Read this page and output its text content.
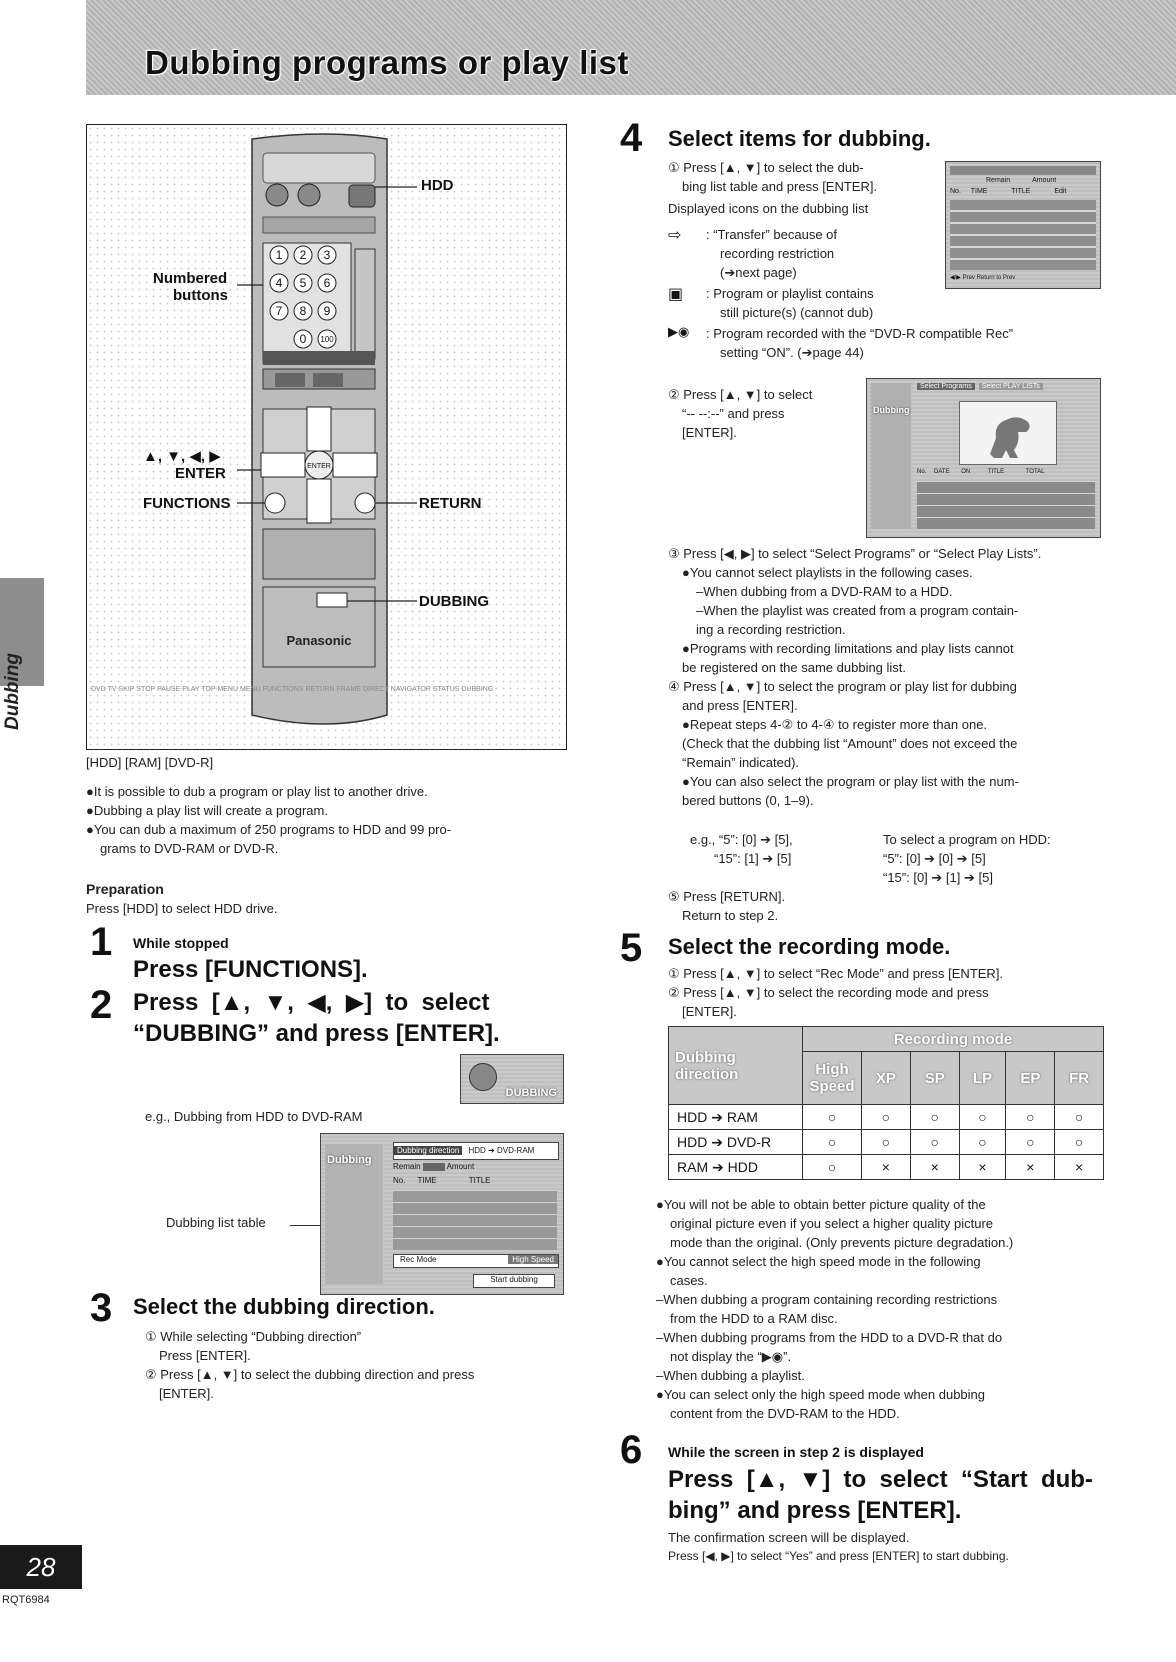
Dubbing programs or play list
Dubbing
28
RQT6984
1 2 3
4 5 6
7 8 9
0 100
ENTER
Panasonic
HDD
Numbered
buttons
▲, ▼, ◀, ▶
ENTER
FUNCTIONS	RETURN
DUBBING
DVD TV SKIP STOP PAUSE PLAY TOP MENU MENU FUNCTIONS RETURN FRAME DIRECT NAVIGATOR STATUS DUBBING
[HDD] [RAM] [DVD-R]

●It is possible to dub a program or play list to another drive.

●Dubbing a play list will create a program.

●You can dub a maximum of 250 programs to HDD and 99 pro-

grams to DVD-RAM or DVD-R.

Preparation
Press [HDD] to select HDD drive.
1 While stopped
Press [FUNCTIONS].
2 Press  [▲,  ▼,  ◀,  ▶]  to  select
“DUBBING” and press [ENTER].
DUBBING
e.g., Dubbing from HDD to DVD-RAM
Dubbing list table
Dubbing
Dubbing direction HDD ➔ DVD-RAM
Remain	Amount
No. TIME	TITLE
Rec Mode	High Speed
Start dubbing
3 Select the dubbing direction.

① While selecting “Dubbing direction”

Press [ENTER].

② Press [▲, ▼] to select the dubbing direction and press

[ENTER].

4 Select items for dubbing.

① Press [▲, ▼] to select the dub-

bing list table and press [ENTER].

Displayed icons on the dubbing list
⇨	: “Transfer” because of

recording restriction

(➔next page)

▣	: Program or playlist contains

still picture(s) (cannot dub)

▶◉	: Program recorded with the “DVD-R compatible Rec”

setting “ON”. (➔page 44)

Remain	Amount
No. TIME	TITLE	Edit
◀/▶ Prev Return to Prev

② Press [▲, ▼] to select

“-- --:--” and press

[ENTER].

Select Programs Select PLAY LISTs
Dubbing
No. DATE ON	TITLE	TOTAL

③ Press [◀, ▶] to select “Select Programs” or “Select Play Lists”.

●You cannot select playlists in the following cases.

–When dubbing from a DVD-RAM to a HDD.

–When the playlist was created from a program contain-

ing a recording restriction.

●Programs with recording limitations and play lists cannot

be registered on the same dubbing list.

④ Press [▲, ▼] to select the program or play list for dubbing

and press [ENTER].

●Repeat steps 4-② to 4-④ to register more than one.

(Check that the dubbing list “Amount” does not exceed the

“Remain” indicated).

●You can also select the program or play list with the num-

bered buttons (0, 1–9).

e.g., “5”: [0] ➔ [5],

“15”: [1] ➔ [5]

To select a program on HDD:

“5”: [0] ➔ [0] ➔ [5]

“15”: [0] ➔ [1] ➔ [5]

⑤ Press [RETURN].

Return to step 2.

5 Select the recording mode.

① Press [▲, ▼] to select “Rec Mode” and press [ENTER].

② Press [▲, ▼] to select the recording mode and press

[ENTER].

Dubbing direction	Recording mode					
	High Speed	XP	SP	LP	EP	FR
HDD ➔ RAM	○	○	○	○	○	○
HDD ➔ DVD-R	○	○	○	○	○	○
RAM ➔ HDD	○	×	×	×	×	×

●You will not be able to obtain better picture quality of the

original picture even if you select a higher quality picture

mode than the original. (Only prevents picture degradation.)

●You cannot select the high speed mode in the following

cases.

–When dubbing a program containing recording restrictions

from the HDD to a RAM disc.

–When dubbing programs from the HDD to a DVD-R that do

not display the “▶◉”.

–When dubbing a playlist.

●You can select only the high speed mode when dubbing

content from the DVD-RAM to the HDD.

6 While the screen in step 2 is displayed
Press  [▲,  ▼]  to  select  “Start  dub-
bing” and press [ENTER].

The confirmation screen will be displayed.

Press [◀, ▶] to select “Yes” and press [ENTER] to start dubbing.
